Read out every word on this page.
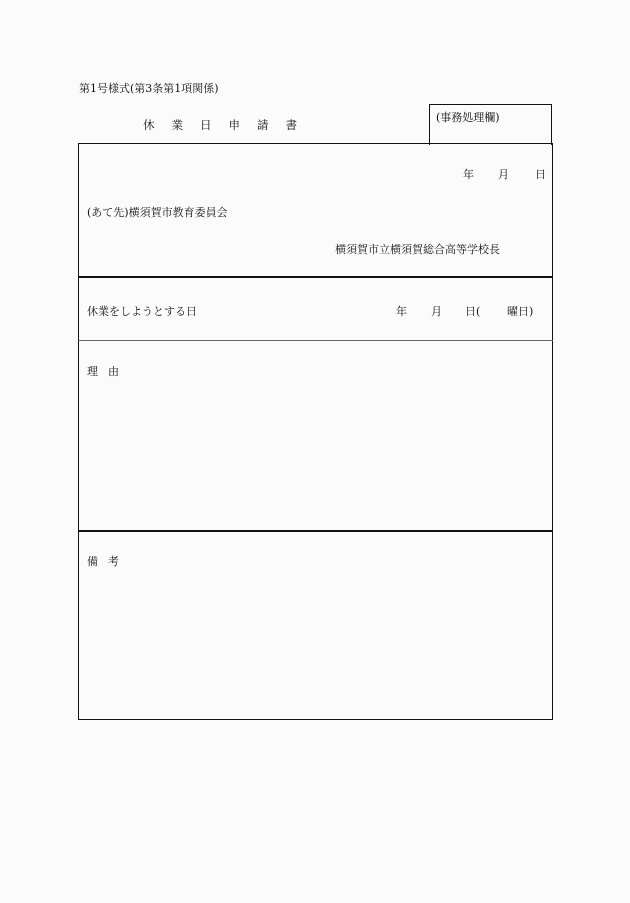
第1号様式(第3条第1項関係)
休業日申請書
(事務処理欄)
年 月 日
(あて先)横須賀市教育委員会
横須賀市立横須賀総合高等学校長
休業をしようとする日	年 月 日( 曜日)
理由
備考
